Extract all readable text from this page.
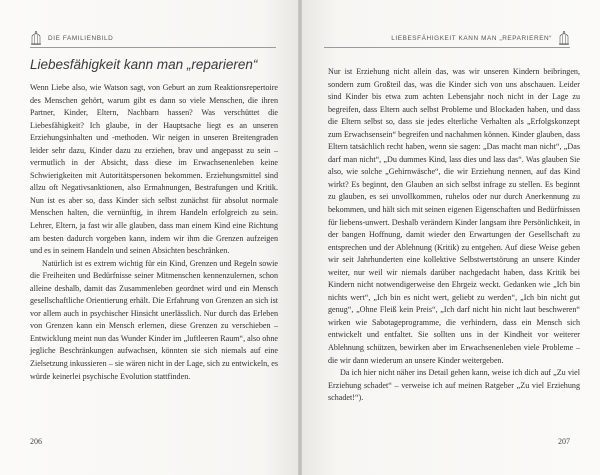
DIE FAMILIENBILD
Liebesfähigkeit kann man „reparieren“

Wenn Liebe also, wie Watson sagt, von Geburt an zum Reaktionsrepertoire des Menschen gehört, warum gibt es dann so viele Menschen, die ihren Partner, Kinder, Eltern, Nachbarn hassen? Was verschüttet die Liebesfähigkeit? Ich glaube, in der Hauptsache liegt es an unseren Erziehungsinhalten und -methoden. Wir neigen in unseren Breitengraden leider sehr dazu, Kinder dazu zu erziehen, brav und angepasst zu sein – vermutlich in der Absicht, dass diese im Erwachsenenleben keine Schwierigkeiten mit Autoritätspersonen bekommen. Erziehungsmittel sind allzu oft Negativsanktionen, also Ermahnungen, Bestrafungen und Kritik. Nun ist es aber so, dass Kinder sich selbst zunächst für absolut normale Menschen halten, die vernünftig, in ihrem Handeln erfolgreich zu sein. Lehrer, Eltern, ja fast wir alle glauben, dass man einem Kind eine Richtung am besten dadurch vorgeben kann, indem wir ihm die Grenzen aufzeigen und es in seinem Handeln und seinen Absichten beschränken.

Natürlich ist es extrem wichtig für ein Kind, Grenzen und Regeln sowie die Freiheiten und Bedürfnisse seiner Mitmenschen kennenzulernen, schon alleine deshalb, damit das Zusammenleben geordnet wird und ein Mensch gesellschaftliche Orientierung erhält. Die Erfahrung von Grenzen an sich ist vor allem auch in psychischer Hinsicht unerlässlich. Nur durch das Erleben von Grenzen kann ein Mensch erlernen, diese Grenzen zu verschieben – Entwicklung meint nun das Wunder Kinder im „luftleeren Raum“, also ohne jegliche Beschränkungen aufwachsen, könnten sie sich niemals auf eine Zielsetzung inkussieren – sie wären nicht in der Lage, sich zu entwickeln, es würde keinerlei psychische Evolution stattfinden.

206
LIEBESFÄHIGKEIT KANN MAN „REPARIEREN“

Nur ist Erziehung nicht allein das, was wir unseren Kindern beibringen, sondern zum Großteil das, was die Kinder sich von uns abschauen. Leider sind Kinder bis etwa zum achten Lebensjahr noch nicht in der Lage zu begreifen, dass Eltern auch selbst Probleme und Blockaden haben, und dass die Eltern selbst so, dass sie jedes elterliche Verhalten als „Erfolgskonzept zum Erwachsensein“ begreifen und nachahmen können. Kinder glauben, dass Eltern tatsächlich recht haben, wenn sie sagen: „Das macht man nicht“, „Das darf man nicht“, „Du dummes Kind, lass dies und lass das“. Was glauben Sie also, wie solche „Gehirnwäsche“, die wir Erziehung nennen, auf das Kind wirkt? Es beginnt, den Glauben an sich selbst infrage zu stellen. Es beginnt zu glauben, es sei unvollkommen, ruhelos oder nur durch Anerkennung zu bekommen, und hält sich mit seinen eigenen Eigenschaften und Bedürfnissen für liebens-unwert. Deshalb verändern Kinder langsam ihre Persönlichkeit, in der bangen Hoffnung, damit wieder den Erwartungen der Gesellschaft zu entsprechen und der Ablehnung (Kritik) zu entgehen. Auf diese Weise geben wir seit Jahrhunderten eine kollektive Selbstwertstörung an unsere Kinder weiter, nur weil wir niemals darüber nachgedacht haben, dass Kritik bei Kindern nicht notwendigerweise den Ehrgeiz weckt. Gedanken wie „Ich bin nichts wert“, „Ich bin es nicht wert, geliebt zu werden“, „Ich bin nicht gut genug“, „Ohne Fleiß kein Preis“, „Ich darf nicht hin nicht laut beschweren“ wirken wie Sabotageprogramme, die verhindern, dass ein Mensch sich entwickelt und entfaltet. Sie sollten uns in der Kindheit vor weiterer Ablehnung schützen, bewirken aber im Erwachsenenleben viele Probleme – die wir dann wiederum an unsere Kinder weitergeben.

Da ich hier nicht näher ins Detail gehen kann, weise ich dich auf „Zu viel Erziehung schadet“ – verweise ich auf meinen Ratgeber „Zu viel Erziehung schadet!“).

207
